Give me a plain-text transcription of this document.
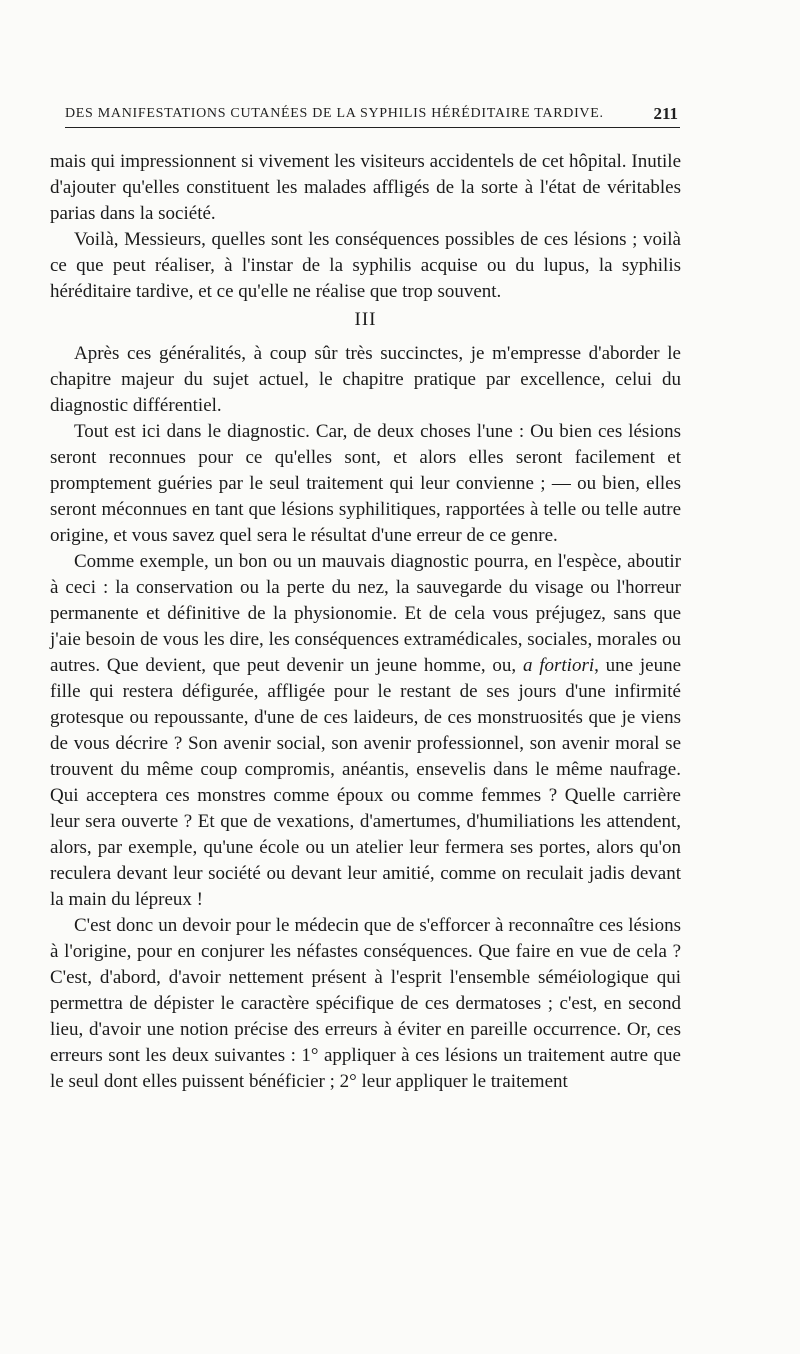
DES MANIFESTATIONS CUTANÉES DE LA SYPHILIS HÉRÉDITAIRE TARDIVE.	211

mais qui impressionnent si vivement les visiteurs accidentels de cet hôpital. Inutile d'ajouter qu'elles constituent les malades affligés de la sorte à l'état de véritables parias dans la société.

Voilà, Messieurs, quelles sont les conséquences possibles de ces lésions ; voilà ce que peut réaliser, à l'instar de la syphilis acquise ou du lupus, la syphilis héréditaire tardive, et ce qu'elle ne réalise que trop souvent.

III

Après ces généralités, à coup sûr très succinctes, je m'empresse d'aborder le chapitre majeur du sujet actuel, le chapitre pratique par excellence, celui du diagnostic différentiel.

Tout est ici dans le diagnostic. Car, de deux choses l'une : Ou bien ces lésions seront reconnues pour ce qu'elles sont, et alors elles seront facilement et promptement guéries par le seul traitement qui leur convienne ; — ou bien, elles seront méconnues en tant que lésions syphilitiques, rapportées à telle ou telle autre origine, et vous savez quel sera le résultat d'une erreur de ce genre.

Comme exemple, un bon ou un mauvais diagnostic pourra, en l'espèce, aboutir à ceci : la conservation ou la perte du nez, la sauvegarde du visage ou l'horreur permanente et définitive de la physionomie. Et de cela vous préjugez, sans que j'aie besoin de vous les dire, les conséquences extramédicales, sociales, morales ou autres. Que devient, que peut devenir un jeune homme, ou, a fortiori, une jeune fille qui restera défigurée, affligée pour le restant de ses jours d'une infirmité grotesque ou repoussante, d'une de ces laideurs, de ces monstruosités que je viens de vous décrire ? Son avenir social, son avenir professionnel, son avenir moral se trouvent du même coup compromis, anéantis, ensevelis dans le même naufrage. Qui acceptera ces monstres comme époux ou comme femmes ? Quelle carrière leur sera ouverte ? Et que de vexations, d'amertumes, d'humiliations les attendent, alors, par exemple, qu'une école ou un atelier leur fermera ses portes, alors qu'on reculera devant leur société ou devant leur amitié, comme on reculait jadis devant la main du lépreux !

C'est donc un devoir pour le médecin que de s'efforcer à reconnaître ces lésions à l'origine, pour en conjurer les néfastes conséquences. Que faire en vue de cela ? C'est, d'abord, d'avoir nettement présent à l'esprit l'ensemble séméiologique qui permettra de dépister le caractère spécifique de ces dermatoses ; c'est, en second lieu, d'avoir une notion précise des erreurs à éviter en pareille occurrence. Or, ces erreurs sont les deux suivantes : 1° appliquer à ces lésions un traitement autre que le seul dont elles puissent bénéficier ; 2° leur appliquer le traitement
